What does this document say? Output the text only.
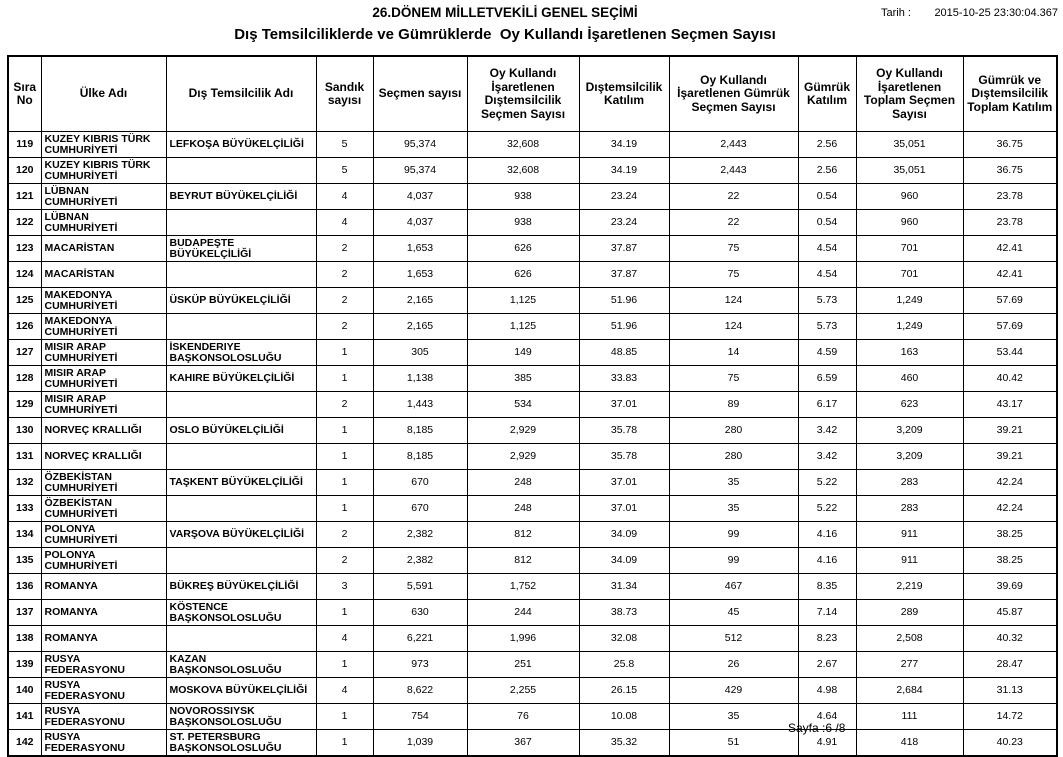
26.DÖNEM MİLLETVEKİLİ GENEL SEÇİMİ	Tarih : 2015-10-25 23:30:04.367
Dış Temsilciliklerde ve Gümrüklerde  Oy Kullandı İşaretlenen Seçmen Sayısı
Sıra No	Ülke Adı	Dış Temsilcilik Adı	Sandık sayısı	Seçmen sayısı	Oy Kullandı İşaretlenen Dıştemsilcilik Seçmen Sayısı	Dıştemsilcilik Katılım	Oy Kullandı İşaretlenen Gümrük Seçmen Sayısı	Gümrük Katılım	Oy Kullandı İşaretlenen Toplam Seçmen Sayısı	Gümrük ve Dıştemsilcilik Toplam Katılım
119	KUZEY KIBRIS TÜRK CUMHURİYETİ	LEFKOŞA BÜYÜKELÇİLİĞİ	5	95,374	32,608	34.19	2,443	2.56	35,051	36.75
120	KUZEY KIBRIS TÜRK CUMHURİYETİ		5	95,374	32,608	34.19	2,443	2.56	35,051	36.75
121	LÜBNAN CUMHURİYETİ	BEYRUT BÜYÜKELÇİLİĞİ	4	4,037	938	23.24	22	0.54	960	23.78
122	LÜBNAN CUMHURİYETİ		4	4,037	938	23.24	22	0.54	960	23.78
123	MACARİSTAN	BUDAPEŞTE BÜYÜKELÇİLİĞİ	2	1,653	626	37.87	75	4.54	701	42.41
124	MACARİSTAN		2	1,653	626	37.87	75	4.54	701	42.41
125	MAKEDONYA CUMHURİYETİ	ÜSKÜP BÜYÜKELÇİLİĞİ	2	2,165	1,125	51.96	124	5.73	1,249	57.69
126	MAKEDONYA CUMHURİYETİ		2	2,165	1,125	51.96	124	5.73	1,249	57.69
127	MISIR ARAP CUMHURİYETİ	İSKENDERIYE BAŞKONSOLOSLUĞU	1	305	149	48.85	14	4.59	163	53.44
128	MISIR ARAP CUMHURİYETİ	KAHIRE BÜYÜKELÇİLİĞİ	1	1,138	385	33.83	75	6.59	460	40.42
129	MISIR ARAP CUMHURİYETİ		2	1,443	534	37.01	89	6.17	623	43.17
130	NORVEÇ KRALLIĞI	OSLO BÜYÜKELÇİLİĞİ	1	8,185	2,929	35.78	280	3.42	3,209	39.21
131	NORVEÇ KRALLIĞI		1	8,185	2,929	35.78	280	3.42	3,209	39.21
132	ÖZBEKİSTAN CUMHURİYETİ	TAŞKENT BÜYÜKELÇİLİĞİ	1	670	248	37.01	35	5.22	283	42.24
133	ÖZBEKİSTAN CUMHURİYETİ		1	670	248	37.01	35	5.22	283	42.24
134	POLONYA CUMHURİYETİ	VARŞOVA BÜYÜKELÇİLİĞİ	2	2,382	812	34.09	99	4.16	911	38.25
135	POLONYA CUMHURİYETİ		2	2,382	812	34.09	99	4.16	911	38.25
136	ROMANYA	BÜKREŞ BÜYÜKELÇİLİĞİ	3	5,591	1,752	31.34	467	8.35	2,219	39.69
137	ROMANYA	KÖSTENCE BAŞKONSOLOSLUĞU	1	630	244	38.73	45	7.14	289	45.87
138	ROMANYA		4	6,221	1,996	32.08	512	8.23	2,508	40.32
139	RUSYA FEDERASYONU	KAZAN BAŞKONSOLOSLUĞU	1	973	251	25.8	26	2.67	277	28.47
140	RUSYA FEDERASYONU	MOSKOVA BÜYÜKELÇİLİĞİ	4	8,622	2,255	26.15	429	4.98	2,684	31.13
141	RUSYA FEDERASYONU	NOVOROSSIYSK BAŞKONSOLOSLUĞU	1	754	76	10.08	35	4.64	111	14.72
142	RUSYA FEDERASYONU	ST. PETERSBURG BAŞKONSOLOSLUĞU	1	1,039	367	35.32	51	4.91	418	40.23
Sayfa :6 /8
